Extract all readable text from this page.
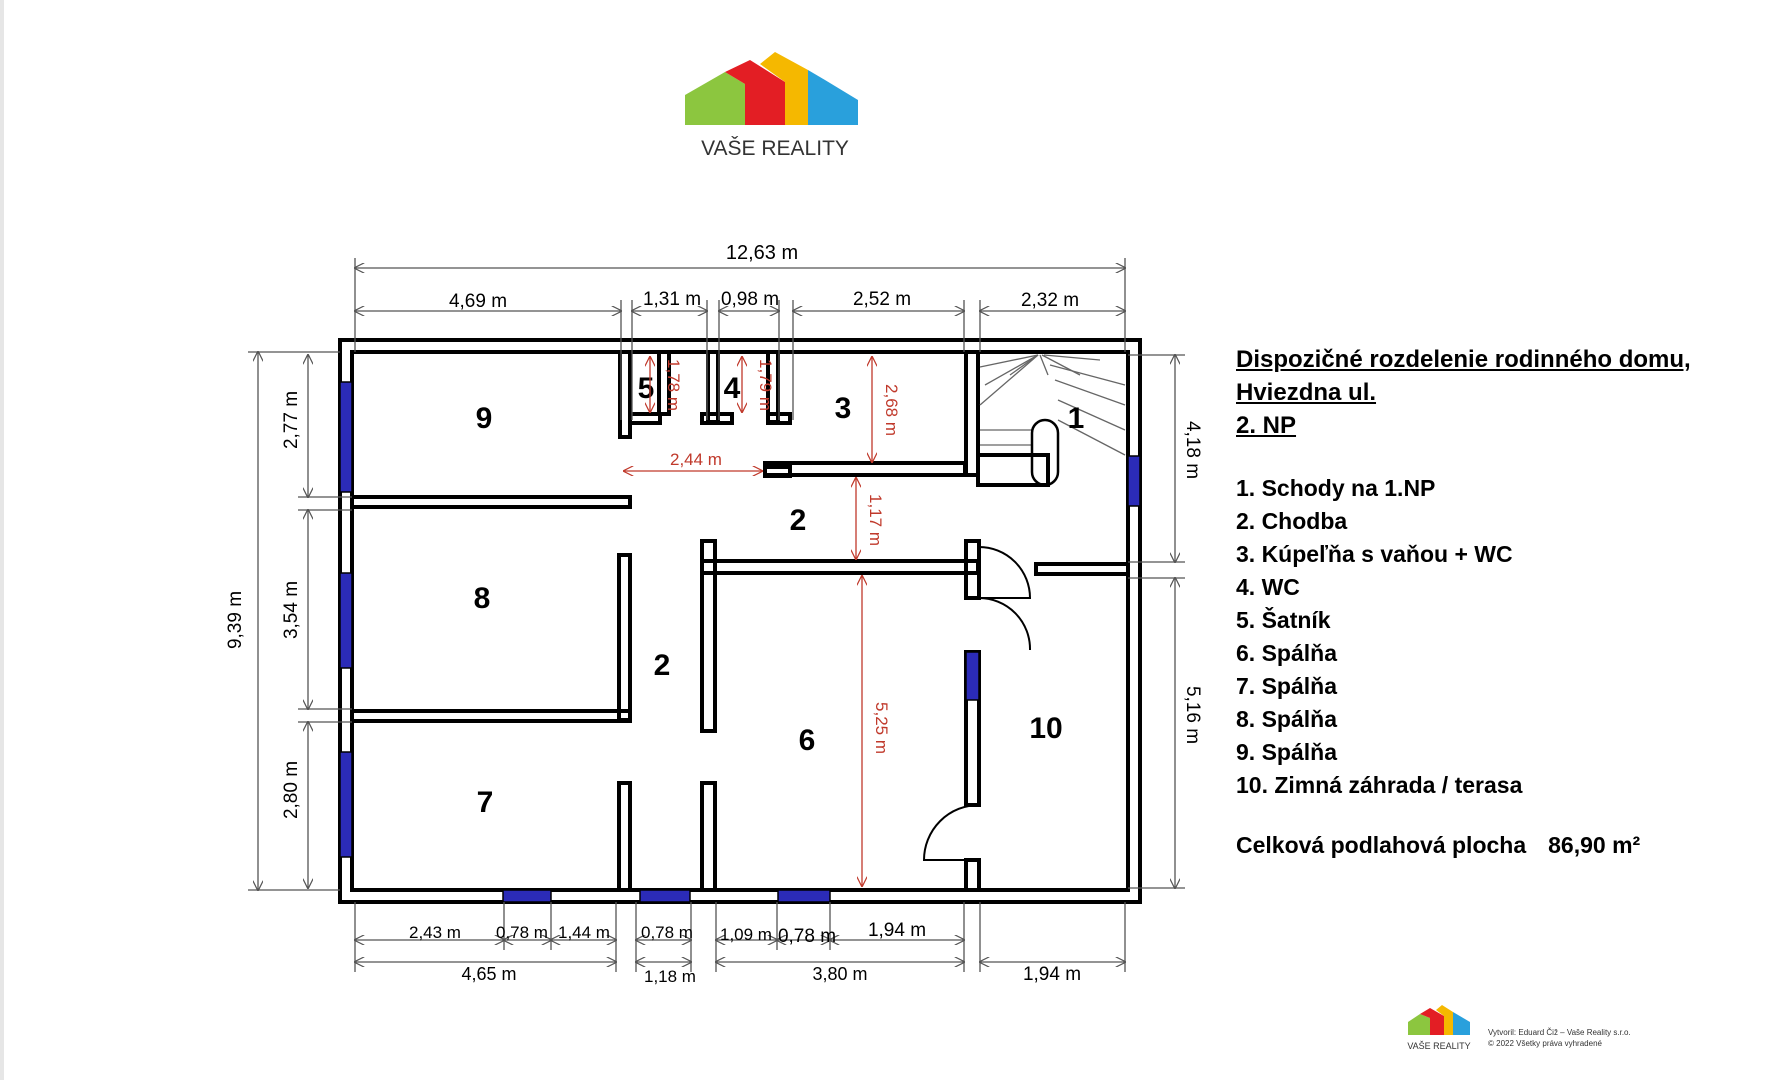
VAŠE REALITY
1
2
2
3
4
5
6
7
8
9
10
12,63 m
4,69 m	1,31 m 0,98 m	2,52 m	2,32 m
9,39 m
2,77 m
3,54 m
2,80 m
4,18 m
5,16 m
2,43 m 0,78 m 1,44 m 0,78 m 1,09 m 0,78 m 1,94 m
4,65 m	1,18 m	3,80 m	1,94 m
1,78 m	1,79 m	2,68 m
2,44 m
1,17 m
5,25 m
VAŠE REALITY
Vytvoril: Eduard Čiž – Vaše Reality s.r.o.
© 2022 Všetky práva vyhradené
Dispozičné rozdelenie rodinného domu,
Hviezdna ul.
2. NP
1. Schody na 1.NP
2. Chodba
3. Kúpeľňa s vaňou + WC
4. WC
5. Šatník
6. Spálňa
7. Spálňa
8. Spálňa
9. Spálňa
10. Zimná záhrada / terasa
Celková podlahová plocha 86,90 m²
